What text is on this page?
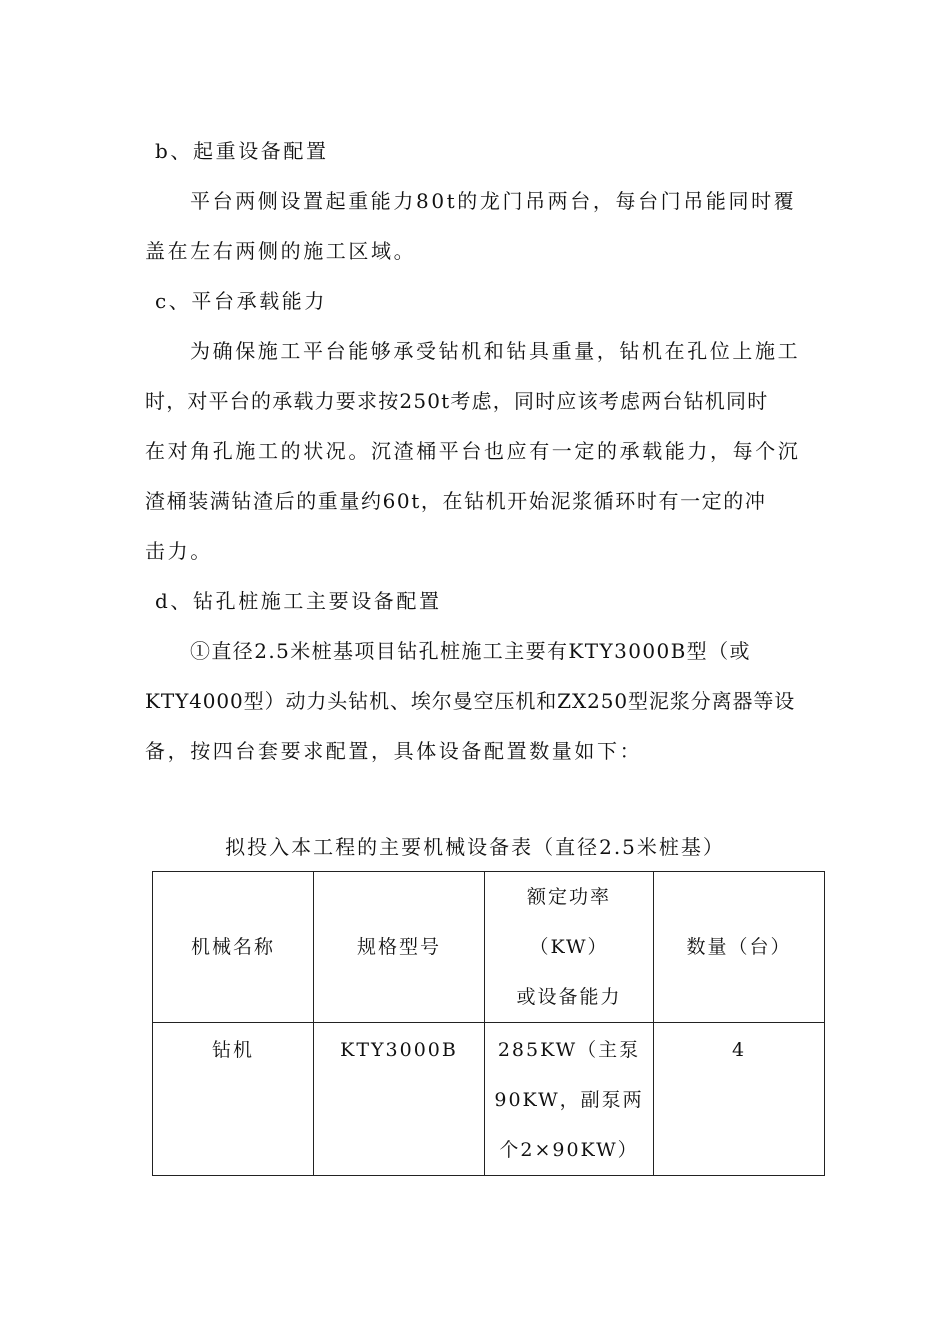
b、起重设备配置
平台两侧设置起重能力80t的龙门吊两台，每台门吊能同时覆
盖在左右两侧的施工区域。
c、平台承载能力
为确保施工平台能够承受钻机和钻具重量，钻机在孔位上施工
时，对平台的承载力要求按250t考虑，同时应该考虑两台钻机同时
在对角孔施工的状况。沉渣桶平台也应有一定的承载能力，每个沉
渣桶装满钻渣后的重量约60t，在钻机开始泥浆循环时有一定的冲
击力。
d、钻孔桩施工主要设备配置
①直径2.5米桩基项目钻孔桩施工主要有KTY3000B型（或
KTY4000型）动力头钻机、埃尔曼空压机和ZX250型泥浆分离器等设
备，按四台套要求配置，具体设备配置数量如下：
拟投入本工程的主要机械设备表（直径2.5米桩基）
机械名称	规格型号	额定功率
（KW）
或设备能力	数量（台）
钻机	KTY3000B	285KW（主泵
90KW，副泵两
个2×90KW）	4
